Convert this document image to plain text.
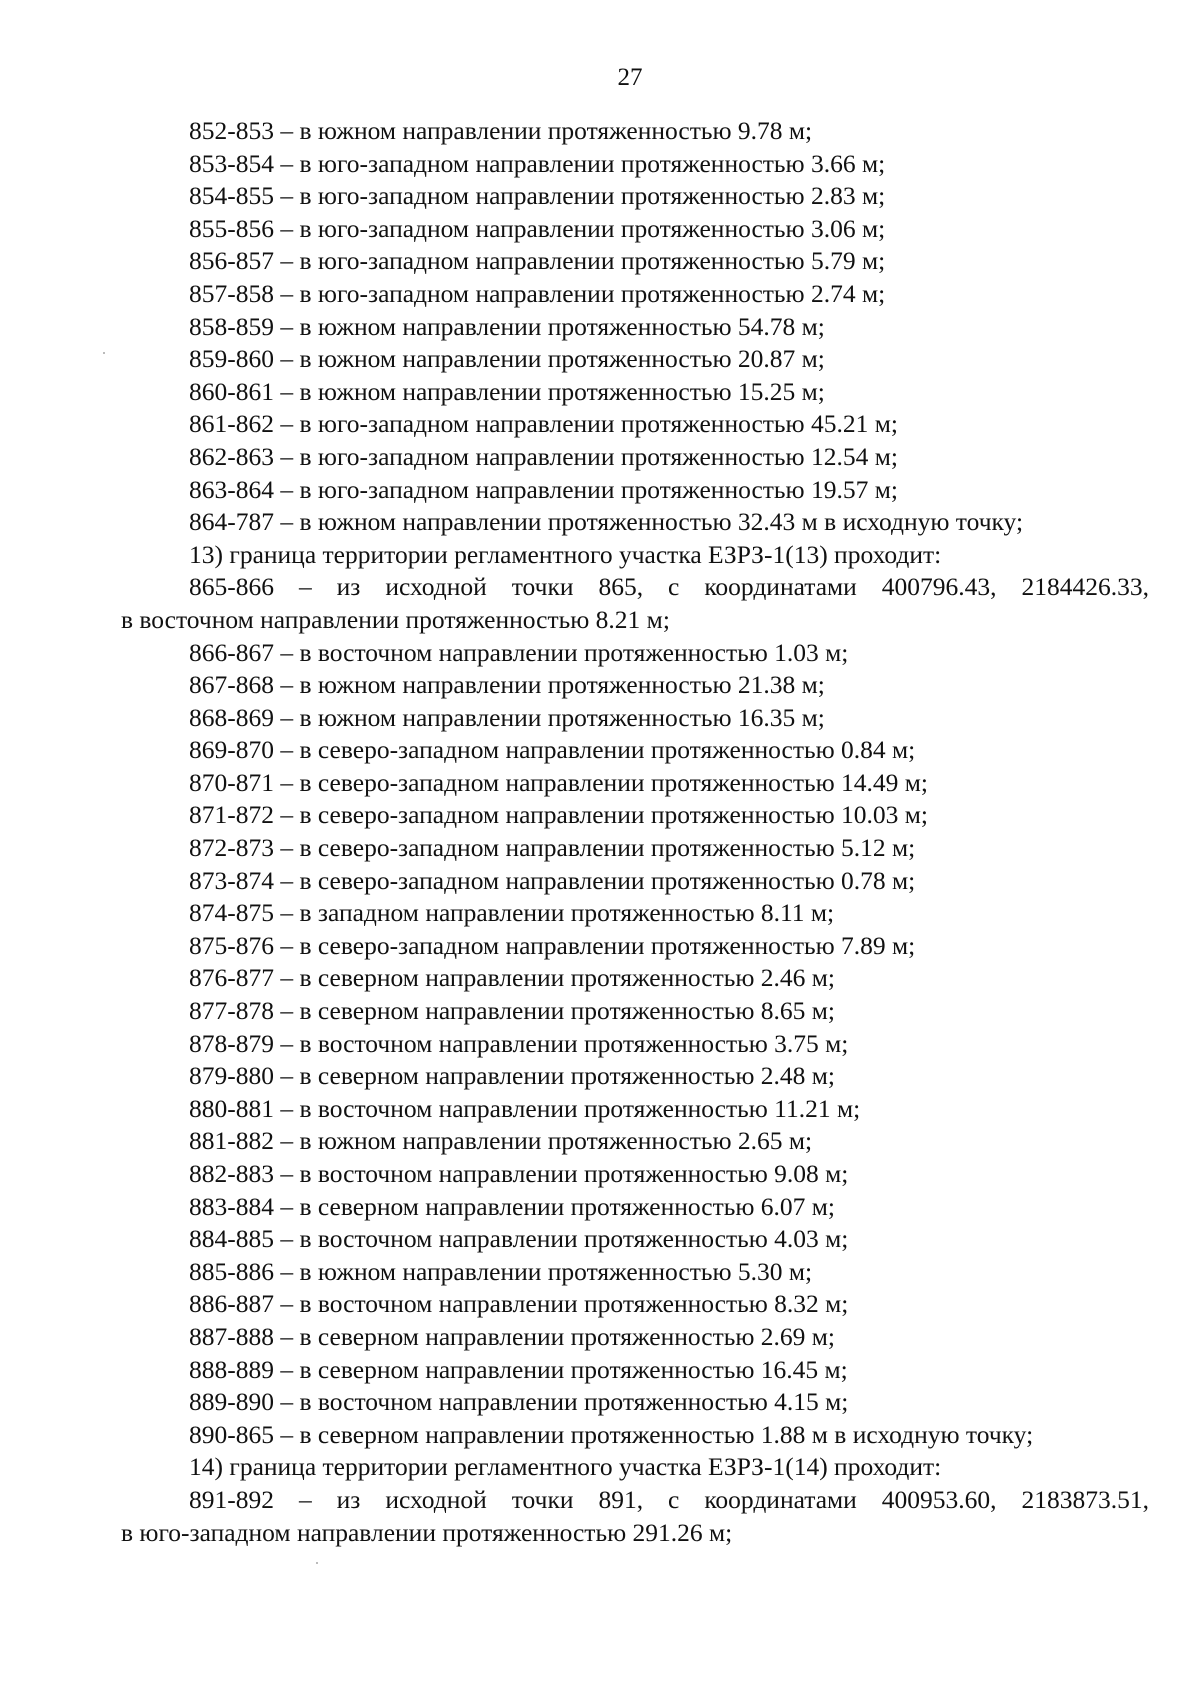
27
852-853 – в южном направлении протяженностью 9.78 м;
853-854 – в юго-западном направлении протяженностью 3.66 м;
854-855 – в юго-западном направлении протяженностью 2.83 м;
855-856 – в юго-западном направлении протяженностью 3.06 м;
856-857 – в юго-западном направлении протяженностью 5.79 м;
857-858 – в юго-западном направлении протяженностью 2.74 м;
858-859 – в южном направлении протяженностью 54.78 м;
859-860 – в южном направлении протяженностью 20.87 м;
860-861 – в южном направлении протяженностью 15.25 м;
861-862 – в юго-западном направлении протяженностью 45.21 м;
862-863 – в юго-западном направлении протяженностью 12.54 м;
863-864 – в юго-западном направлении протяженностью 19.57 м;
864-787 – в южном направлении протяженностью 32.43 м в исходную точку;
13) граница территории регламентного участка ЕЗРЗ-1(13) проходит:
865-866 – из исходной точки 865, с координатами 400796.43, 2184426.33,
в восточном направлении протяженностью 8.21 м;
866-867 – в восточном направлении протяженностью 1.03 м;
867-868 – в южном направлении протяженностью 21.38 м;
868-869 – в южном направлении протяженностью 16.35 м;
869-870 – в северо-западном направлении протяженностью 0.84 м;
870-871 – в северо-западном направлении протяженностью 14.49 м;
871-872 – в северо-западном направлении протяженностью 10.03 м;
872-873 – в северо-западном направлении протяженностью 5.12 м;
873-874 – в северо-западном направлении протяженностью 0.78 м;
874-875 – в западном направлении протяженностью 8.11 м;
875-876 – в северо-западном направлении протяженностью 7.89 м;
876-877 – в северном направлении протяженностью 2.46 м;
877-878 – в северном направлении протяженностью 8.65 м;
878-879 – в восточном направлении протяженностью 3.75 м;
879-880 – в северном направлении протяженностью 2.48 м;
880-881 – в восточном направлении протяженностью 11.21 м;
881-882 – в южном направлении протяженностью 2.65 м;
882-883 – в восточном направлении протяженностью 9.08 м;
883-884 – в северном направлении протяженностью 6.07 м;
884-885 – в восточном направлении протяженностью 4.03 м;
885-886 – в южном направлении протяженностью 5.30 м;
886-887 – в восточном направлении протяженностью 8.32 м;
887-888 – в северном направлении протяженностью 2.69 м;
888-889 – в северном направлении протяженностью 16.45 м;
889-890 – в восточном направлении протяженностью 4.15 м;
890-865 – в северном направлении протяженностью 1.88 м в исходную точку;
14) граница территории регламентного участка ЕЗРЗ-1(14) проходит:
891-892 – из исходной точки 891, с координатами 400953.60, 2183873.51,
в юго-западном направлении протяженностью 291.26 м;
